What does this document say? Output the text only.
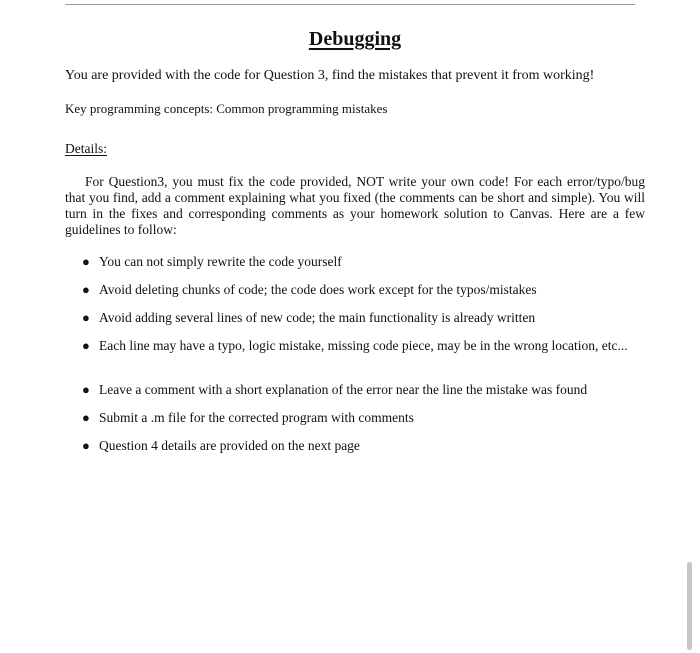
Debugging

You are provided with the code for Question 3, find the mistakes that prevent it from working!

Key programming concepts: Common programming mistakes

Details:

For Question3, you must fix the code provided, NOT write your own code! For each error/typo/bug that you find, add a comment explaining what you fixed (the comments can be short and simple). You will turn in the fixes and corresponding comments as your homework solution to Canvas. Here are a few guidelines to follow:

● You can not simply rewrite the code yourself
● Avoid deleting chunks of code; the code does work except for the typos/mistakes
● Avoid adding several lines of new code; the main functionality is already written
● Each line may have a typo, logic mistake, missing code piece, may be in the wrong location, etc...
● Leave a comment with a short explanation of the error near the line the mistake was found
● Submit a .m file for the corrected program with comments
● Question 4 details are provided on the next page
